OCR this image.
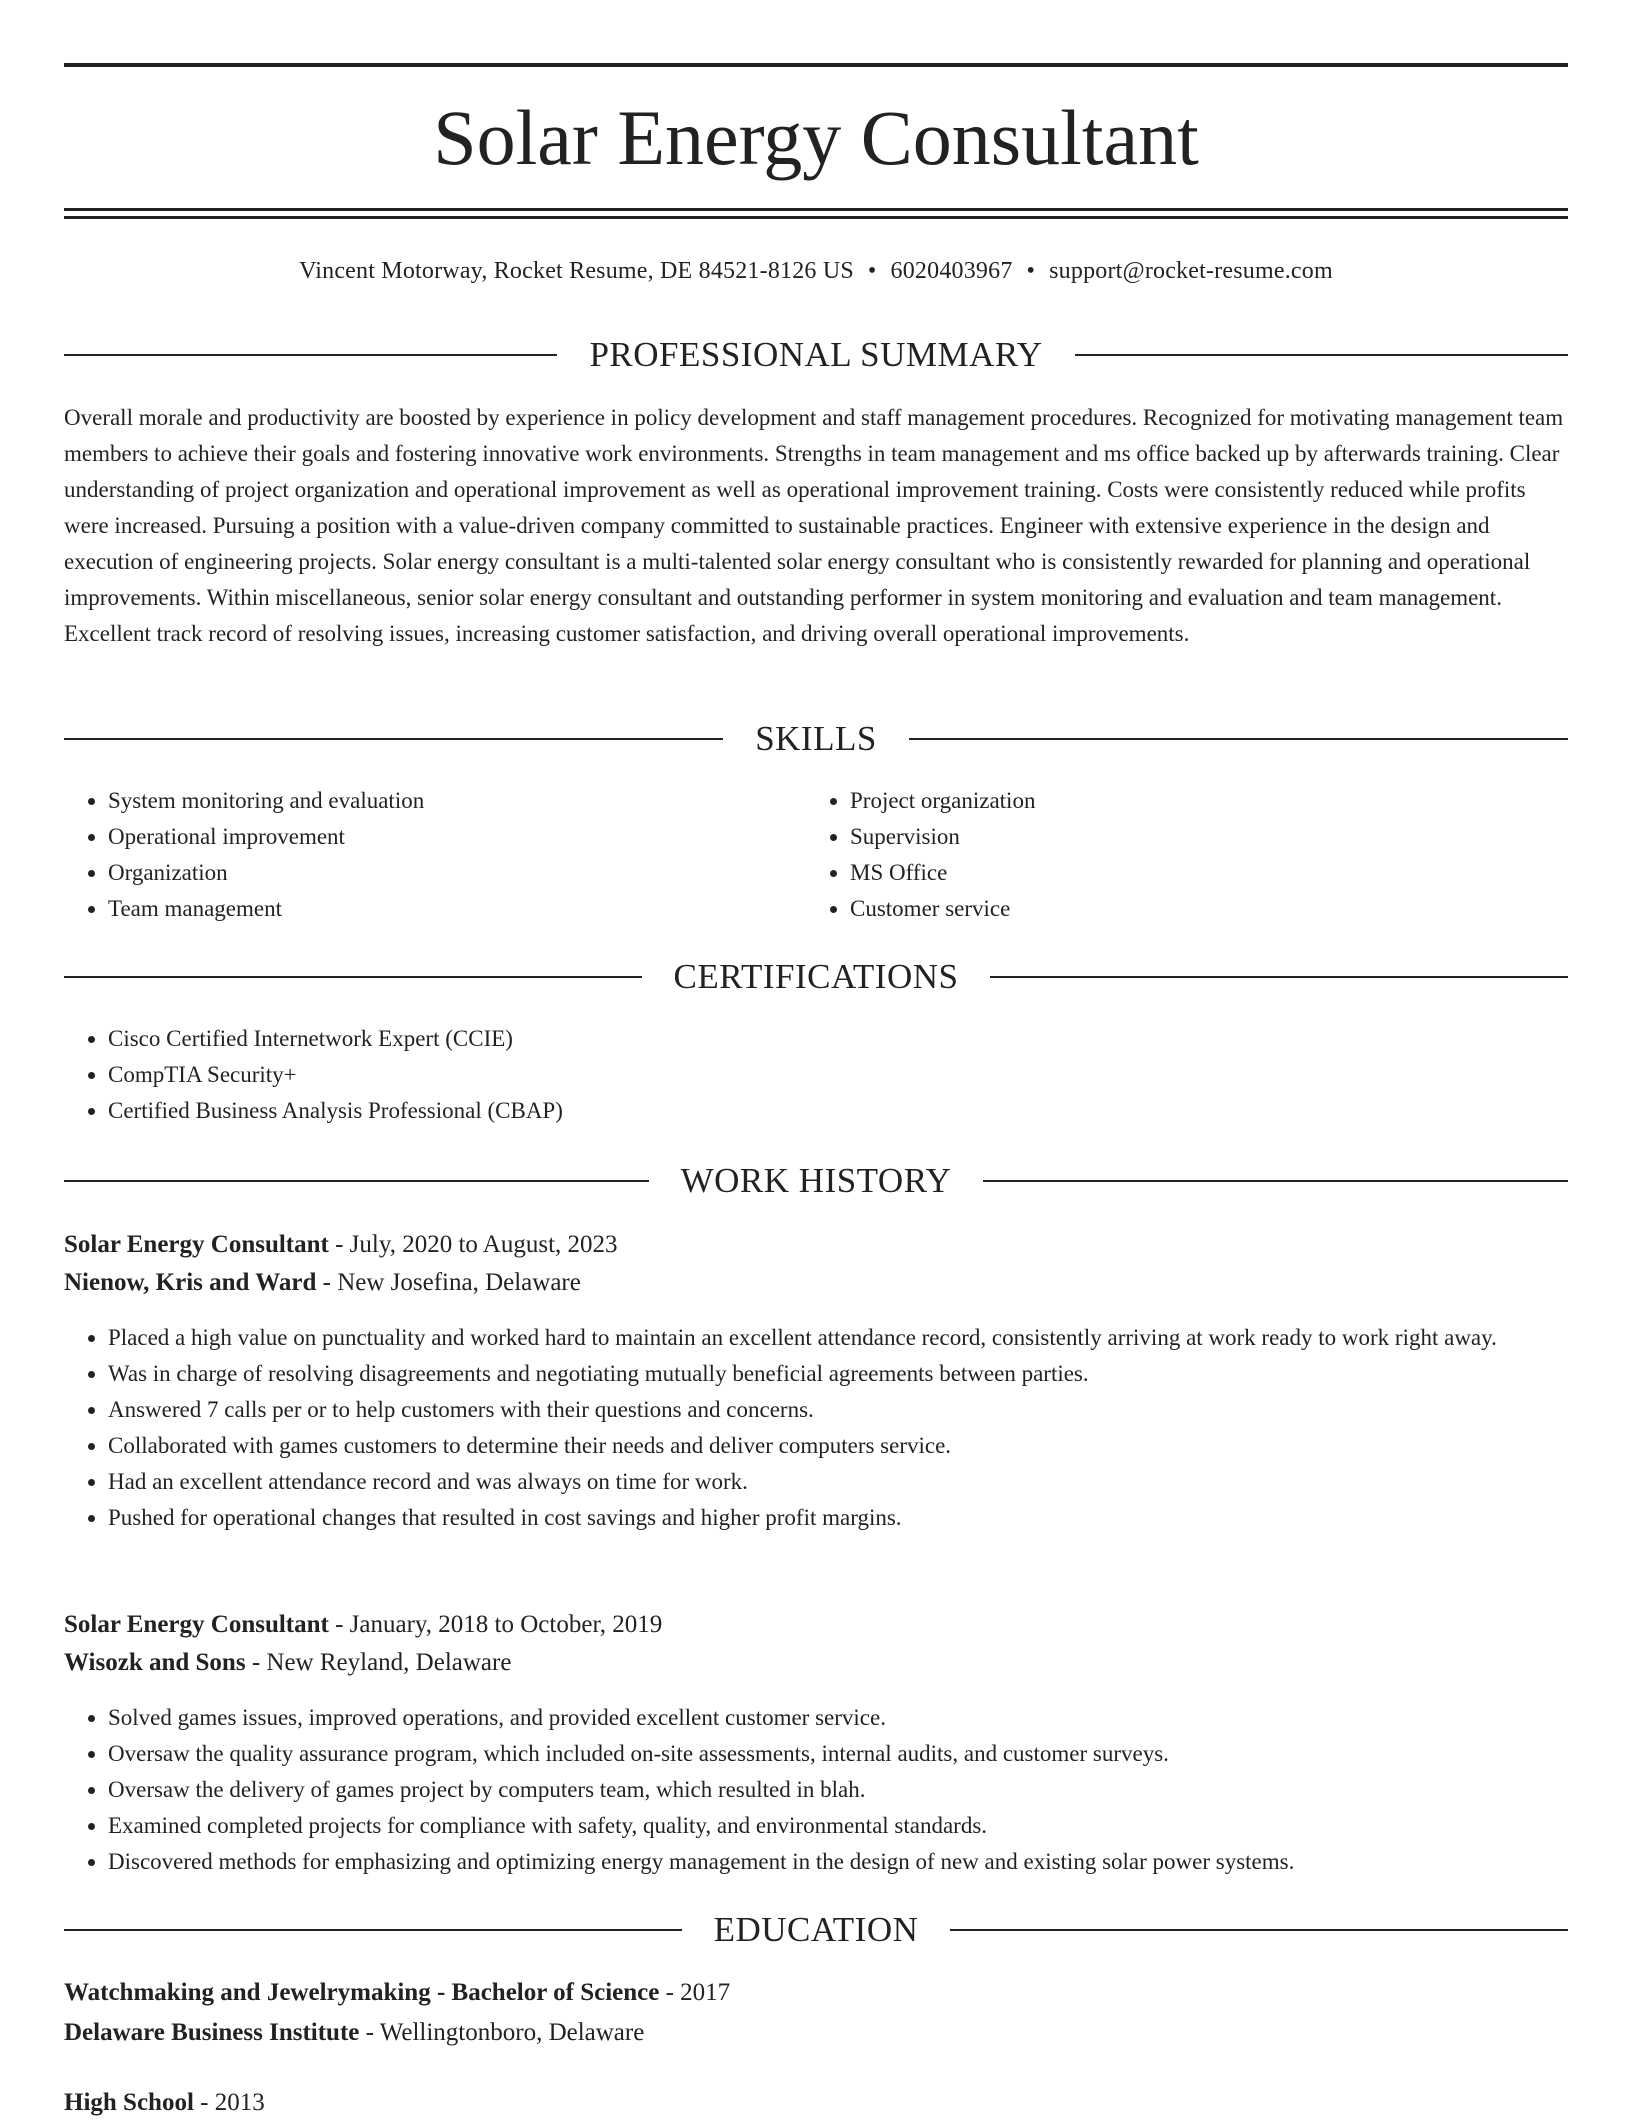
Solar Energy Consultant
Vincent Motorway, Rocket Resume, DE 84521-8126 US • 6020403967 • support@rocket-resume.com
PROFESSIONAL SUMMARY

Overall morale and productivity are boosted by experience in policy development and staff management procedures. Recognized for motivating management team members to achieve their goals and fostering innovative work environments. Strengths in team management and ms office backed up by afterwards training. Clear understanding of project organization and operational improvement as well as operational improvement training. Costs were consistently reduced while profits were increased. Pursuing a position with a value-driven company committed to sustainable practices. Engineer with extensive experience in the design and execution of engineering projects. Solar energy consultant is a multi-talented solar energy consultant who is consistently rewarded for planning and operational improvements. Within miscellaneous, senior solar energy consultant and outstanding performer in system monitoring and evaluation and team management. Excellent track record of resolving issues, increasing customer satisfaction, and driving overall operational improvements.

SKILLS
• System monitoring and evaluation
• Operational improvement
• Organization
• Team management
• Project organization
• Supervision
• MS Office
• Customer service
CERTIFICATIONS
• Cisco Certified Internetwork Expert (CCIE)
• CompTIA Security+
• Certified Business Analysis Professional (CBAP)
WORK HISTORY
Solar Energy Consultant - July, 2020 to August, 2023
Nienow, Kris and Ward - New Josefina, Delaware
• Placed a high value on punctuality and worked hard to maintain an excellent attendance record, consistently arriving at work ready to work right away.
• Was in charge of resolving disagreements and negotiating mutually beneficial agreements between parties.
• Answered 7 calls per or to help customers with their questions and concerns.
• Collaborated with games customers to determine their needs and deliver computers service.
• Had an excellent attendance record and was always on time for work.
• Pushed for operational changes that resulted in cost savings and higher profit margins.
Solar Energy Consultant - January, 2018 to October, 2019
Wisozk and Sons - New Reyland, Delaware
• Solved games issues, improved operations, and provided excellent customer service.
• Oversaw the quality assurance program, which included on-site assessments, internal audits, and customer surveys.
• Oversaw the delivery of games project by computers team, which resulted in blah.
• Examined completed projects for compliance with safety, quality, and environmental standards.
• Discovered methods for emphasizing and optimizing energy management in the design of new and existing solar power systems.
EDUCATION
Watchmaking and Jewelrymaking - Bachelor of Science - 2017
Delaware Business Institute - Wellingtonboro, Delaware
High School - 2013
